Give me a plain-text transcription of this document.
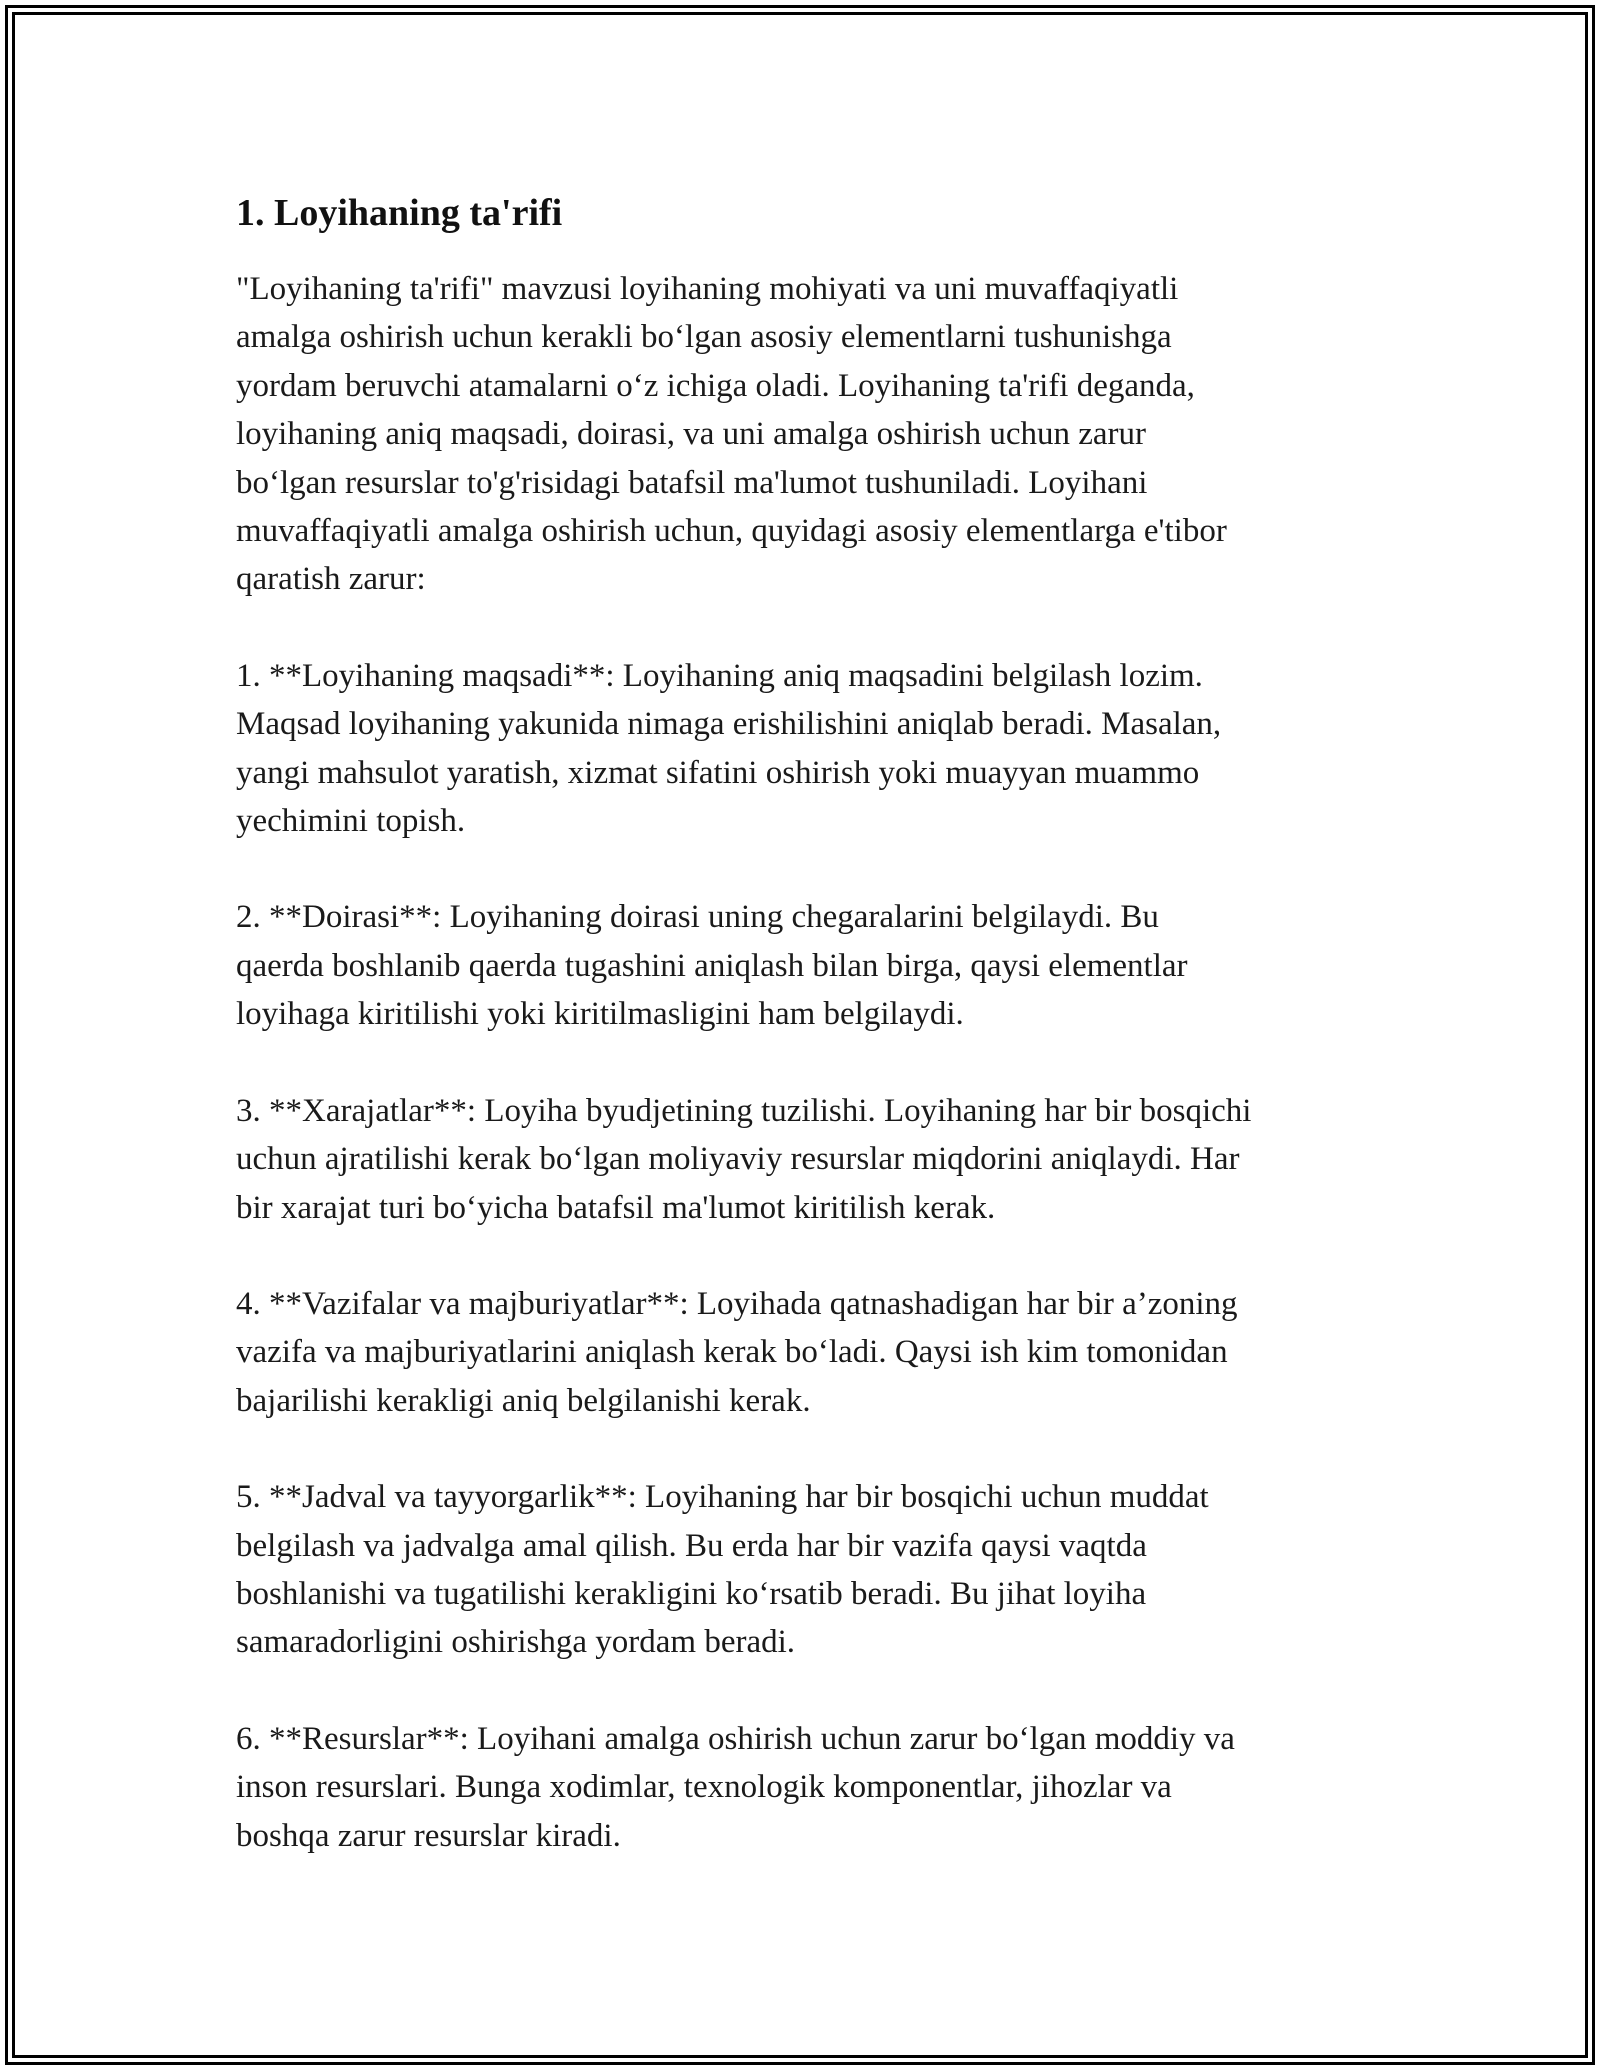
1. Loyihaning ta'rifi

"Loyihaning ta'rifi" mavzusi loyihaning mohiyati va uni muvaffaqiyatli
amalga oshirish uchun kerakli boʻlgan asosiy elementlarni tushunishga
yordam beruvchi atamalarni oʻz ichiga oladi. Loyihaning ta'rifi deganda,
loyihaning aniq maqsadi, doirasi, va uni amalga oshirish uchun zarur
boʻlgan resurslar to'g'risidagi batafsil ma'lumot tushuniladi. Loyihani
muvaffaqiyatli amalga oshirish uchun, quyidagi asosiy elementlarga e'tibor
qaratish zarur:

1. **Loyihaning maqsadi**: Loyihaning aniq maqsadini belgilash lozim.
Maqsad loyihaning yakunida nimaga erishilishini aniqlab beradi. Masalan,
yangi mahsulot yaratish, xizmat sifatini oshirish yoki muayyan muammo
yechimini topish.

2. **Doirasi**: Loyihaning doirasi uning chegaralarini belgilaydi. Bu
qaerda boshlanib qaerda tugashini aniqlash bilan birga, qaysi elementlar
loyihaga kiritilishi yoki kiritilmasligini ham belgilaydi.

3. **Xarajatlar**: Loyiha byudjetining tuzilishi. Loyihaning har bir bosqichi
uchun ajratilishi kerak boʻlgan moliyaviy resurslar miqdorini aniqlaydi. Har
bir xarajat turi boʻyicha batafsil ma'lumot kiritilish kerak.

4. **Vazifalar va majburiyatlar**: Loyihada qatnashadigan har bir a’zoning
vazifa va majburiyatlarini aniqlash kerak boʻladi. Qaysi ish kim tomonidan
bajarilishi kerakligi aniq belgilanishi kerak.

5. **Jadval va tayyorgarlik**: Loyihaning har bir bosqichi uchun muddat
belgilash va jadvalga amal qilish. Bu erda har bir vazifa qaysi vaqtda
boshlanishi va tugatilishi kerakligini koʻrsatib beradi. Bu jihat loyiha
samaradorligini oshirishga yordam beradi.

6. **Resurslar**: Loyihani amalga oshirish uchun zarur boʻlgan moddiy va
inson resurslari. Bunga xodimlar, texnologik komponentlar, jihozlar va
boshqa zarur resurslar kiradi.
